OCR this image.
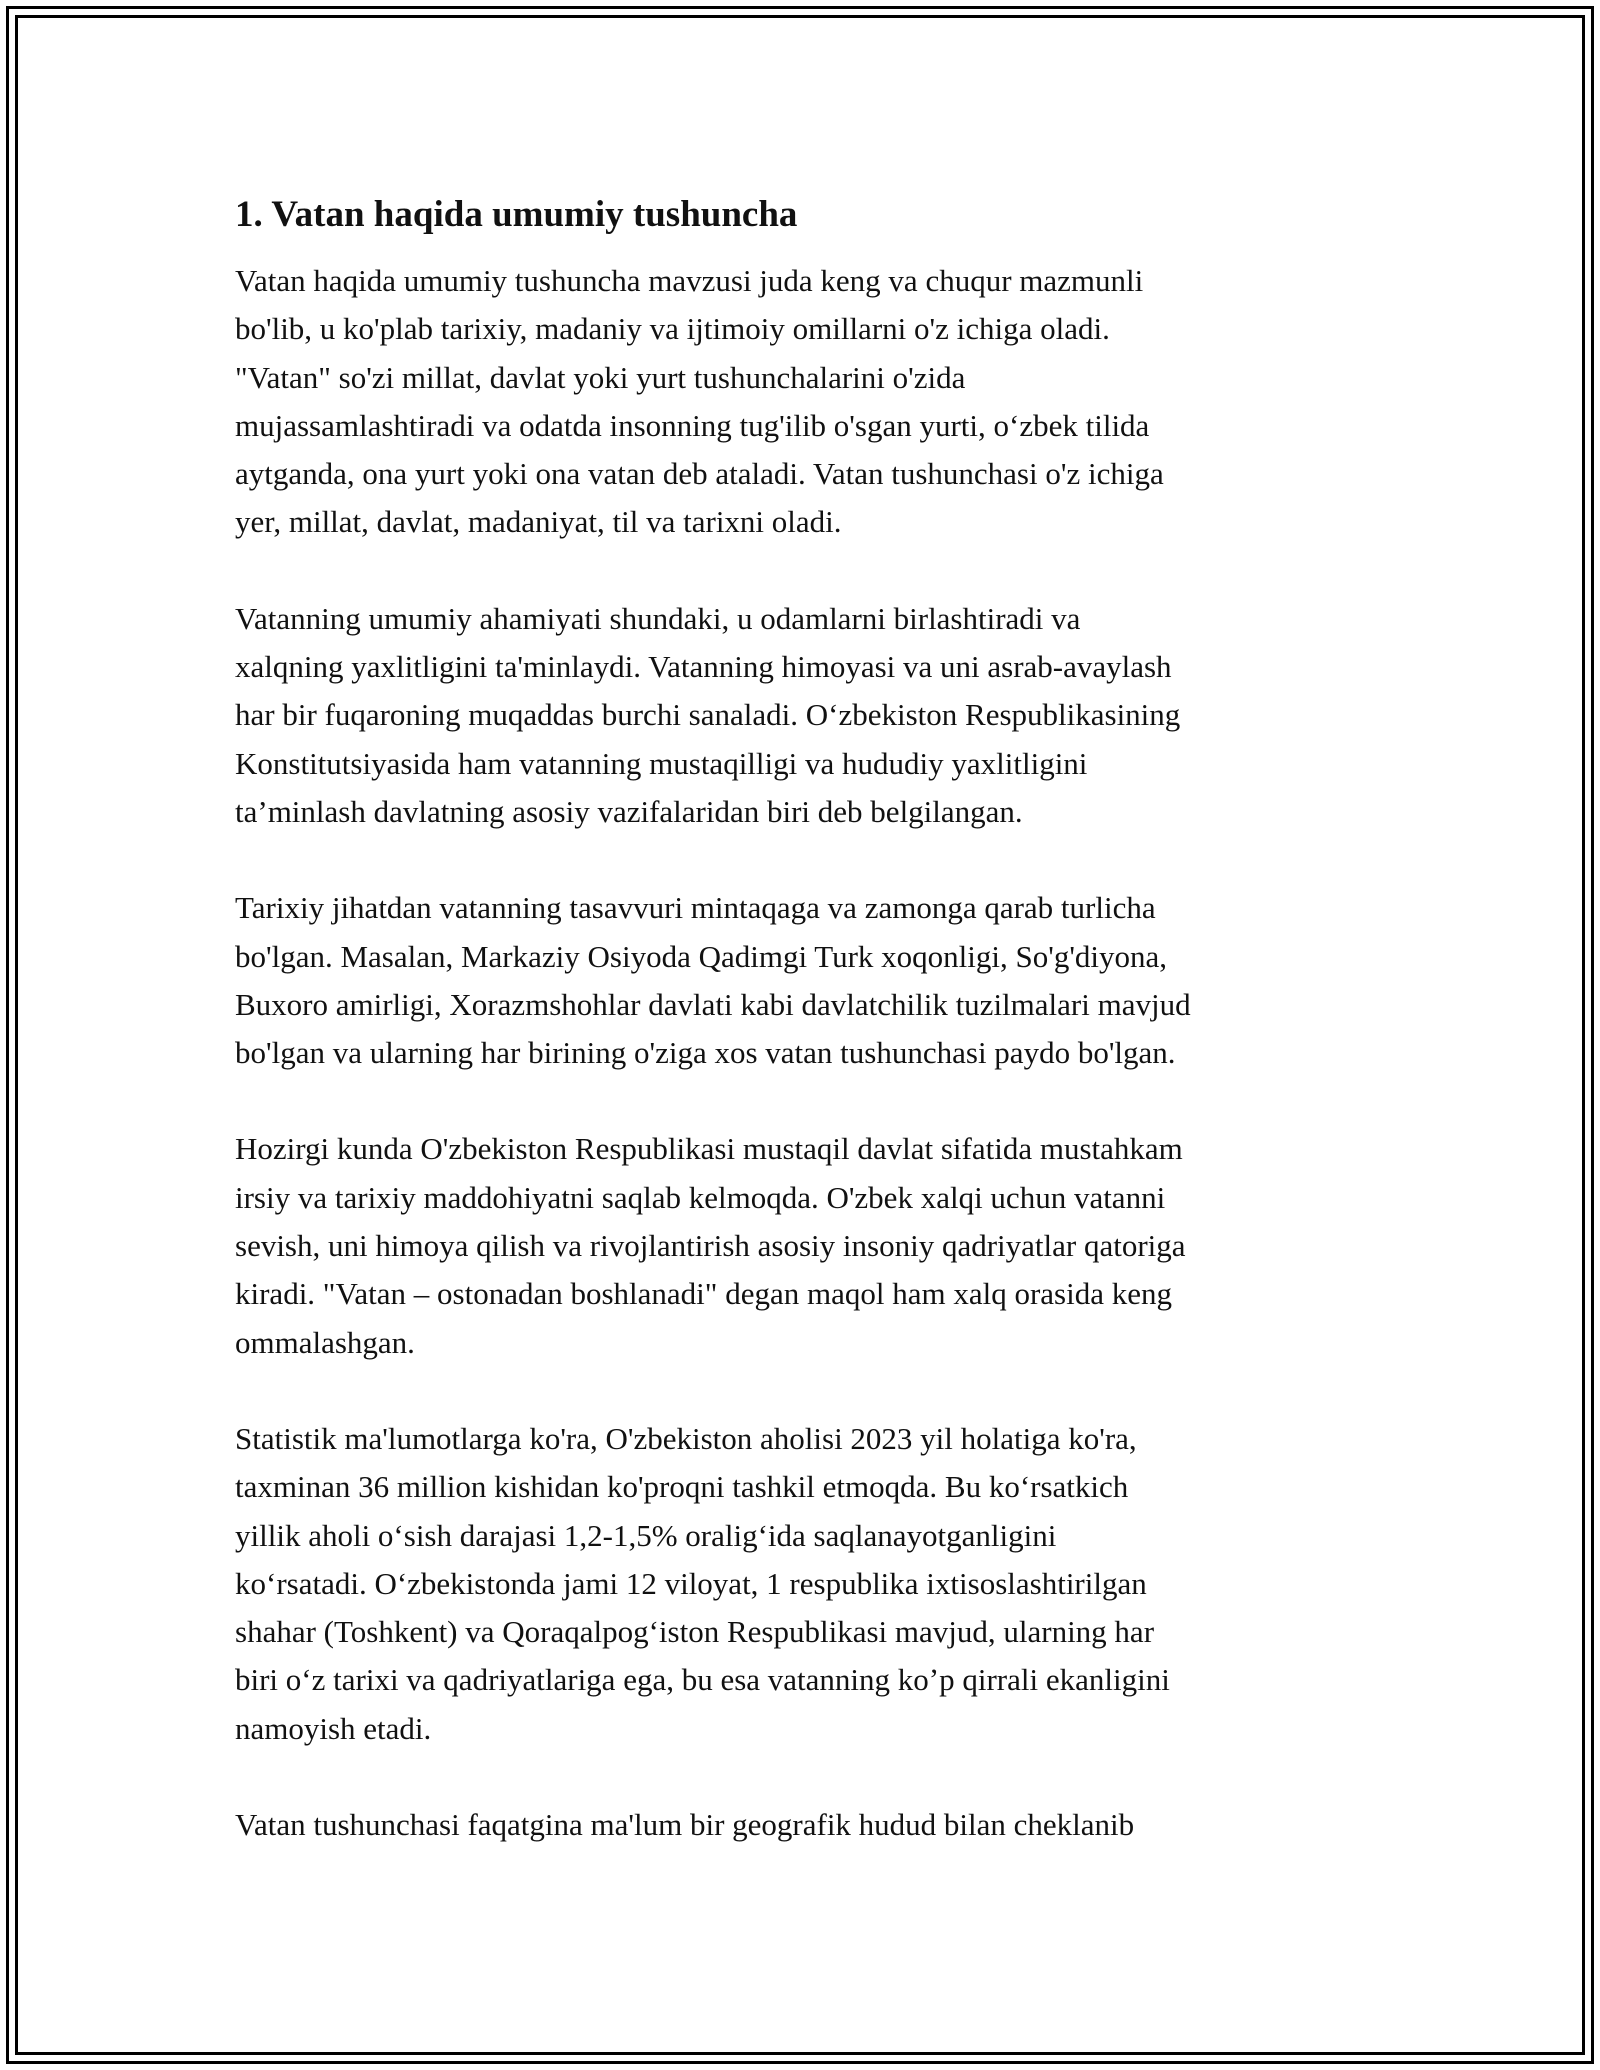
1. Vatan haqida umumiy tushuncha

Vatan haqida umumiy tushuncha mavzusi juda keng va chuqur mazmunli
bo'lib, u ko'plab tarixiy, madaniy va ijtimoiy omillarni o'z ichiga oladi.
"Vatan" so'zi millat, davlat yoki yurt tushunchalarini o'zida
mujassamlashtiradi va odatda insonning tug'ilib o'sgan yurti, oʻzbek tilida
aytganda, ona yurt yoki ona vatan deb ataladi. Vatan tushunchasi o'z ichiga
yer, millat, davlat, madaniyat, til va tarixni oladi.

Vatanning umumiy ahamiyati shundaki, u odamlarni birlashtiradi va
xalqning yaxlitligini ta'minlaydi. Vatanning himoyasi va uni asrab-avaylash
har bir fuqaroning muqaddas burchi sanaladi. Oʻzbekiston Respublikasining
Konstitutsiyasida ham vatanning mustaqilligi va hududiy yaxlitligini
ta’minlash davlatning asosiy vazifalaridan biri deb belgilangan.

Tarixiy jihatdan vatanning tasavvuri mintaqaga va zamonga qarab turlicha
bo'lgan. Masalan, Markaziy Osiyoda Qadimgi Turk xoqonligi, So'g'diyona,
Buxoro amirligi, Xorazmshohlar davlati kabi davlatchilik tuzilmalari mavjud
bo'lgan va ularning har birining o'ziga xos vatan tushunchasi paydo bo'lgan.

Hozirgi kunda O'zbekiston Respublikasi mustaqil davlat sifatida mustahkam
irsiy va tarixiy maddohiyatni saqlab kelmoqda. O'zbek xalqi uchun vatanni
sevish, uni himoya qilish va rivojlantirish asosiy insoniy qadriyatlar qatoriga
kiradi. "Vatan – ostonadan boshlanadi" degan maqol ham xalq orasida keng
ommalashgan.

Statistik ma'lumotlarga ko'ra, O'zbekiston aholisi 2023 yil holatiga ko'ra,
taxminan 36 million kishidan ko'proqni tashkil etmoqda. Bu koʻrsatkich
yillik aholi oʻsish darajasi 1,2-1,5% oraligʻida saqlanayotganligini
koʻrsatadi. Oʻzbekistonda jami 12 viloyat, 1 respublika ixtisoslashtirilgan
shahar (Toshkent) va Qoraqalpogʻiston Respublikasi mavjud, ularning har
biri oʻz tarixi va qadriyatlariga ega, bu esa vatanning koʼp qirrali ekanligini
namoyish etadi.

Vatan tushunchasi faqatgina ma'lum bir geografik hudud bilan cheklanib
